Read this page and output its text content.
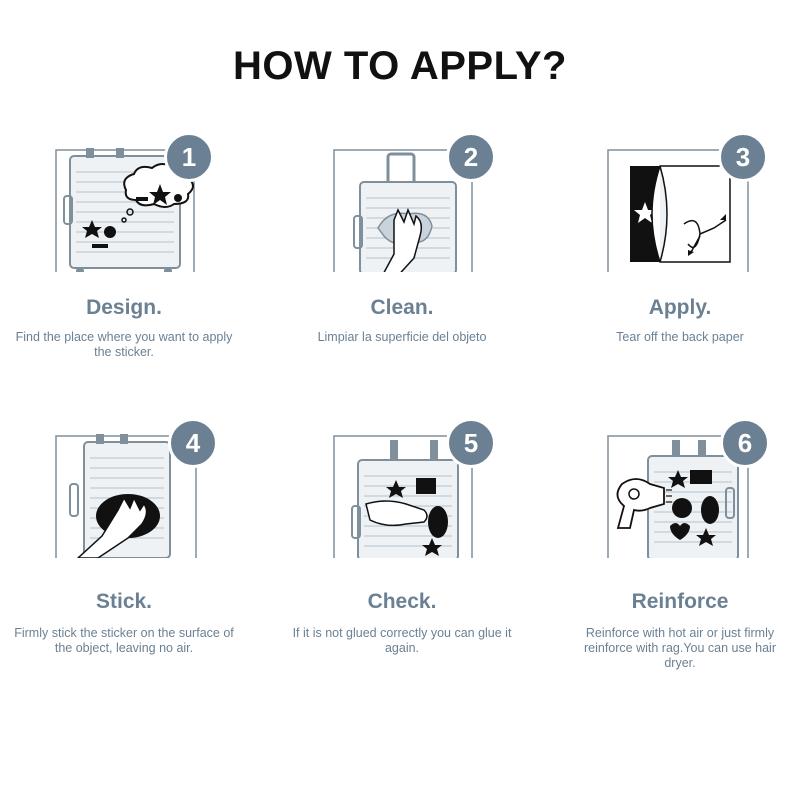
HOW TO APPLY?
1
Design.

Find the place where you want to apply the sticker.

2
Clean.

Limpiar la superficie del objeto

3
Apply.

Tear off the back paper

4
Stick.

Firmly stick the sticker on the surface of the object, leaving no air.

5
Check.

If it is not glued correctly you can glue it again.

6
Reinforce

Reinforce with hot air or just firmly reinforce with rag.You can use hair dryer.
